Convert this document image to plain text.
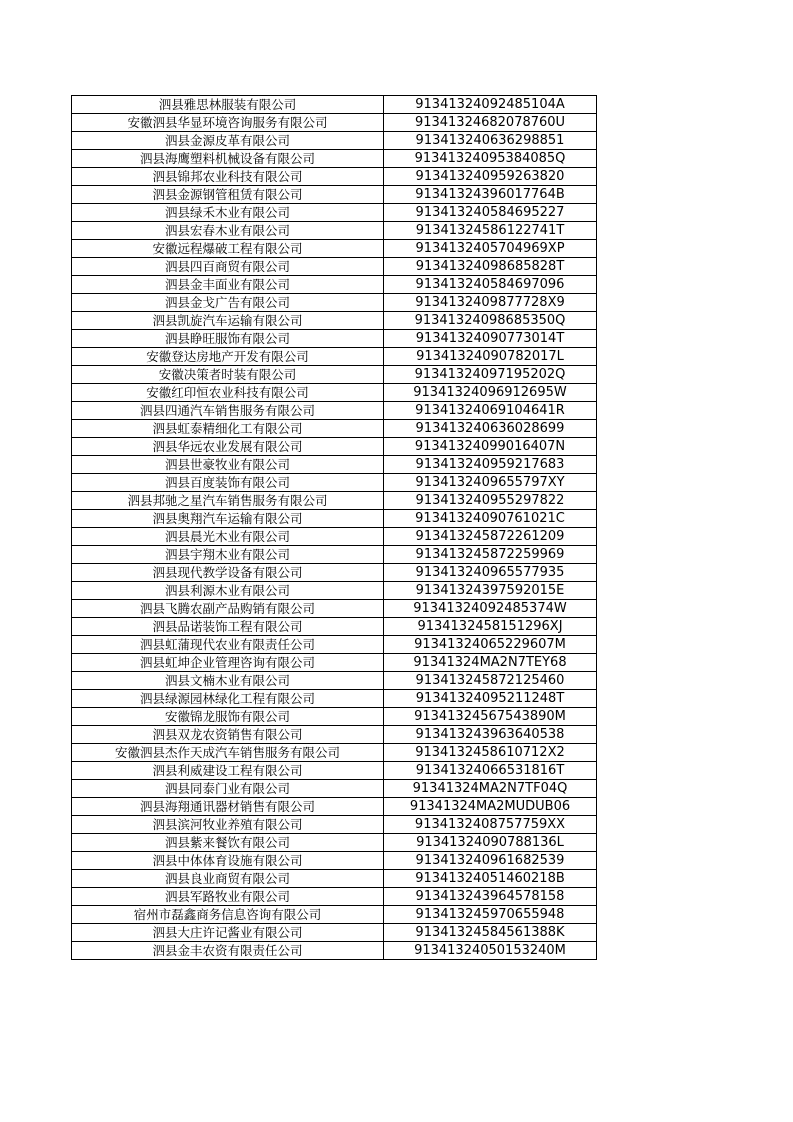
泗县雅思林服装有限公司	91341324092485104A
安徽泗县华显环境咨询服务有限公司	91341324682078760U
泗县金源皮革有限公司	913413240636298851
泗县海鹰塑料机械设备有限公司	91341324095384085Q
泗县锦邦农业科技有限公司	913413240959263820
泗县金源钢管租赁有限公司	91341324396017764B
泗县绿禾木业有限公司	913413240584695227
泗县宏春木业有限公司	91341324586122741T
安徽远程爆破工程有限公司	9134132405704969XP
泗县四百商贸有限公司	91341324098685828T
泗县金丰面业有限公司	913413240584697096
泗县金戈广告有限公司	9134132409877728X9
泗县凯旋汽车运输有限公司	91341324098685350Q
泗县睁旺服饰有限公司	91341324090773014T
安徽登达房地产开发有限公司	91341324090782017L
安徽决策者时装有限公司	91341324097195202Q
安徽红印恒农业科技有限公司	91341324096912695W
泗县四通汽车销售服务有限公司	91341324069104641R
泗县虹泰精细化工有限公司	913413240636028699
泗县华远农业发展有限公司	91341324099016407N
泗县世豪牧业有限公司	913413240959217683
泗县百度装饰有限公司	9134132409655797XY
泗县邦驰之星汽车销售服务有限公司	913413240955297822
泗县奥翔汽车运输有限公司	91341324090761021C
泗县晨光木业有限公司	913413245872261209
泗县宇翔木业有限公司	913413245872259969
泗县现代教学设备有限公司	913413240965577935
泗县利源木业有限公司	91341324397592015E
泗县飞腾农副产品购销有限公司	91341324092485374W
泗县品诺装饰工程有限公司	9134132458151296XJ
泗县虹蒲现代农业有限责任公司	91341324065229607M
泗县虹坤企业管理咨询有限公司	91341324MA2N7TEY68
泗县文楠木业有限公司	913413245872125460
泗县绿源园林绿化工程有限公司	91341324095211248T
安徽锦龙服饰有限公司	91341324567543890M
泗县双龙农资销售有限公司	913413243963640538
安徽泗县杰作天成汽车销售服务有限公司	9134132458610712X2
泗县利威建设工程有限公司	91341324066531816T
泗县同泰门业有限公司	91341324MA2N7TF04Q
泗县海翔通讯器材销售有限公司	91341324MA2MUDUB06
泗县滨河牧业养殖有限公司	9134132408757759XX
泗县紫来餐饮有限公司	91341324090788136L
泗县中体体育设施有限公司	913413240961682539
泗县良业商贸有限公司	91341324051460218B
泗县军路牧业有限公司	913413243964578158
宿州市磊鑫商务信息咨询有限公司	913413245970655948
泗县大庄许记酱业有限公司	91341324584561388K
泗县金丰农资有限责任公司	91341324050153240M
